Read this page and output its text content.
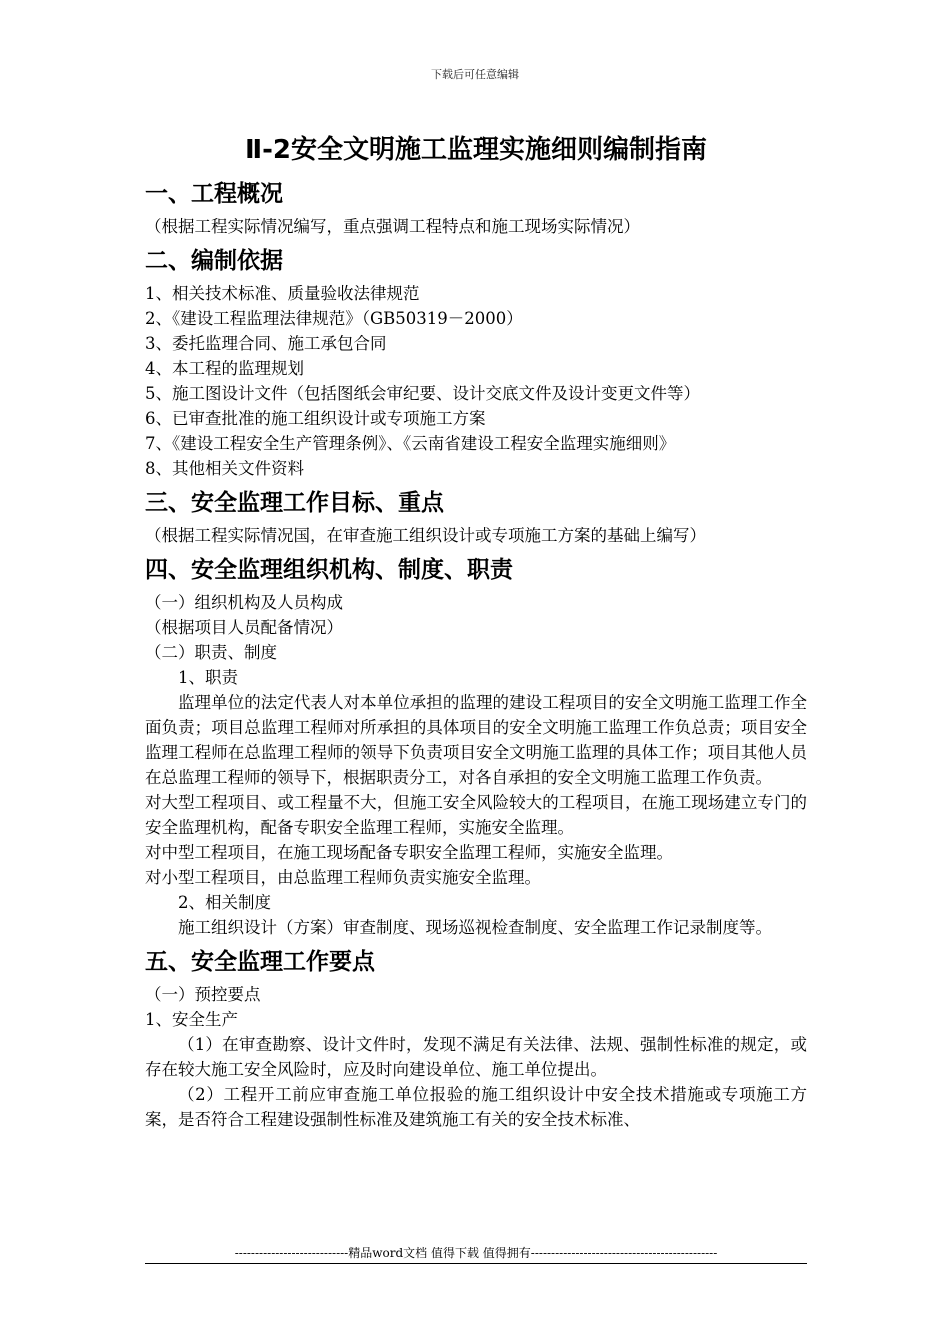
下载后可任意编辑
Ⅱ-2安全文明施工监理实施细则编制指南
一、工程概况
（根据工程实际情况编写，重点强调工程特点和施工现场实际情况）
二、编制依据
1、相关技术标准、质量验收法律规范
2、《建设工程监理法律规范》（GB50319－2000）
3、委托监理合同、施工承包合同
4、本工程的监理规划
5、施工图设计文件（包括图纸会审纪要、设计交底文件及设计变更文件等）
6、已审查批准的施工组织设计或专项施工方案
7、《建设工程安全生产管理条例》、《云南省建设工程安全监理实施细则》
8、其他相关文件资料
三、安全监理工作目标、重点
（根据工程实际情况国，在审查施工组织设计或专项施工方案的基础上编写）
四、安全监理组织机构、制度、职责
（一）组织机构及人员构成
（根据项目人员配备情况）
（二）职责、制度
1、职责
监理单位的法定代表人对本单位承担的监理的建设工程项目的安全文明施工监理工作全面负责；项目总监理工程师对所承担的具体项目的安全文明施工监理工作负总责；项目安全监理工程师在总监理工程师的领导下负责项目安全文明施工监理的具体工作；项目其他人员在总监理工程师的领导下，根据职责分工，对各自承担的安全文明施工监理工作负责。
对大型工程项目、或工程量不大，但施工安全风险较大的工程项目，在施工现场建立专门的安全监理机构，配备专职安全监理工程师，实施安全监理。
对中型工程项目，在施工现场配备专职安全监理工程师，实施安全监理。
对小型工程项目，由总监理工程师负责实施安全监理。
2、相关制度
施工组织设计（方案）审查制度、现场巡视检查制度、安全监理工作记录制度等。
五、安全监理工作要点
（一）预控要点
1、安全生产
（1）在审查勘察、设计文件时，发现不满足有关法律、法规、强制性标准的规定，或存在较大施工安全风险时，应及时向建设单位、施工单位提出。
（2）工程开工前应审查施工单位报验的施工组织设计中安全技术措施或专项施工方案，是否符合工程建设强制性标准及建筑施工有关的安全技术标准、
----------------------------精品word文档 值得下载 值得拥有----------------------------------------------
